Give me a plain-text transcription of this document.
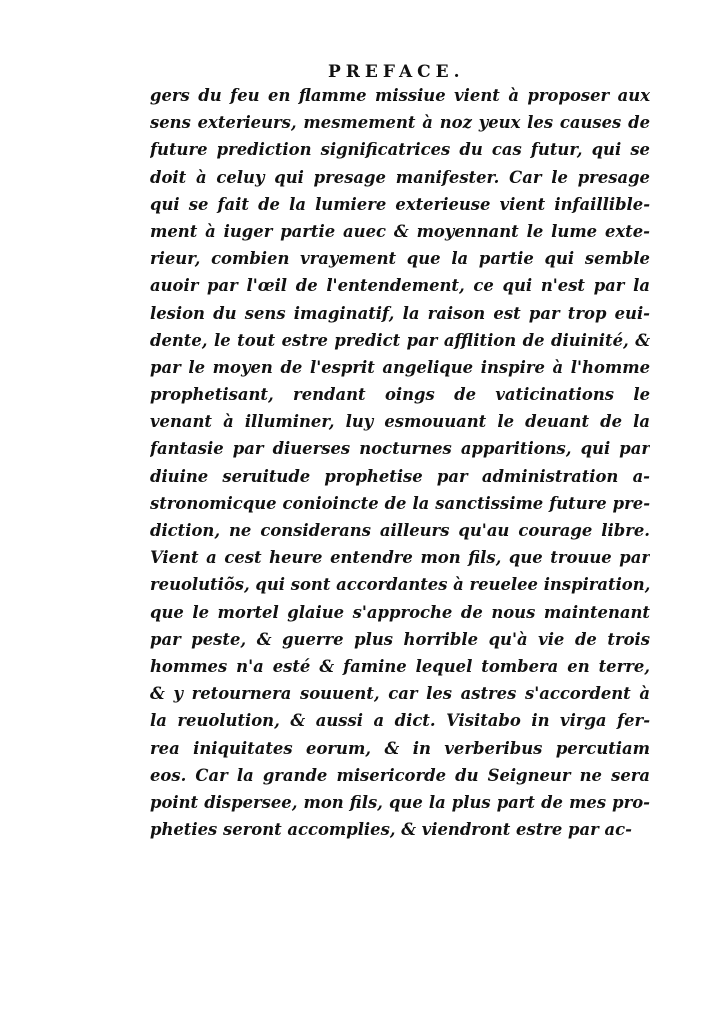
PREFACE.
gers du feu en flamme missiue vient à proposer aux
sens exterieurs, mesmement à noz yeux les causes de
future prediction significatrices du cas futur, qui se
doit à celuy qui presage manifester. Car le presage
qui se fait de la lumiere exterieuse vient infaillible-
ment à iuger partie auec & moyennant le lume exte-
rieur, combien vrayement que la partie qui semble
auoir par l'œil de l'entendement, ce qui n'est par la
lesion du sens imaginatif, la raison est par trop eui-
dente, le tout estre predict par afflition de diuinité, &
par le moyen de l'esprit angelique inspire à l'homme
prophetisant, rendant oings de vaticinations le
venant à illuminer, luy esmouuant le deuant de la
fantasie par diuerses nocturnes apparitions, qui par
diuine seruitude prophetise par administration a-
stronomicque conioincte de la sanctissime future pre-
diction, ne considerans ailleurs qu'au courage libre.
Vient a cest heure entendre mon fils, que trouue par
reuolutiõs, qui sont accordantes à reuelee inspiration,
que le mortel glaiue s'approche de nous maintenant
par peste, & guerre plus horrible qu'à vie de trois
hommes n'a esté & famine lequel tombera en terre,
& y retournera souuent, car les astres s'accordent à
la reuolution, & aussi a dict. Visitabo in virga fer-
rea iniquitates eorum, & in verberibus percutiam
eos. Car la grande misericorde du Seigneur ne sera
point dispersee, mon fils, que la plus part de mes pro-
pheties seront accomplies, & viendront estre par ac-
